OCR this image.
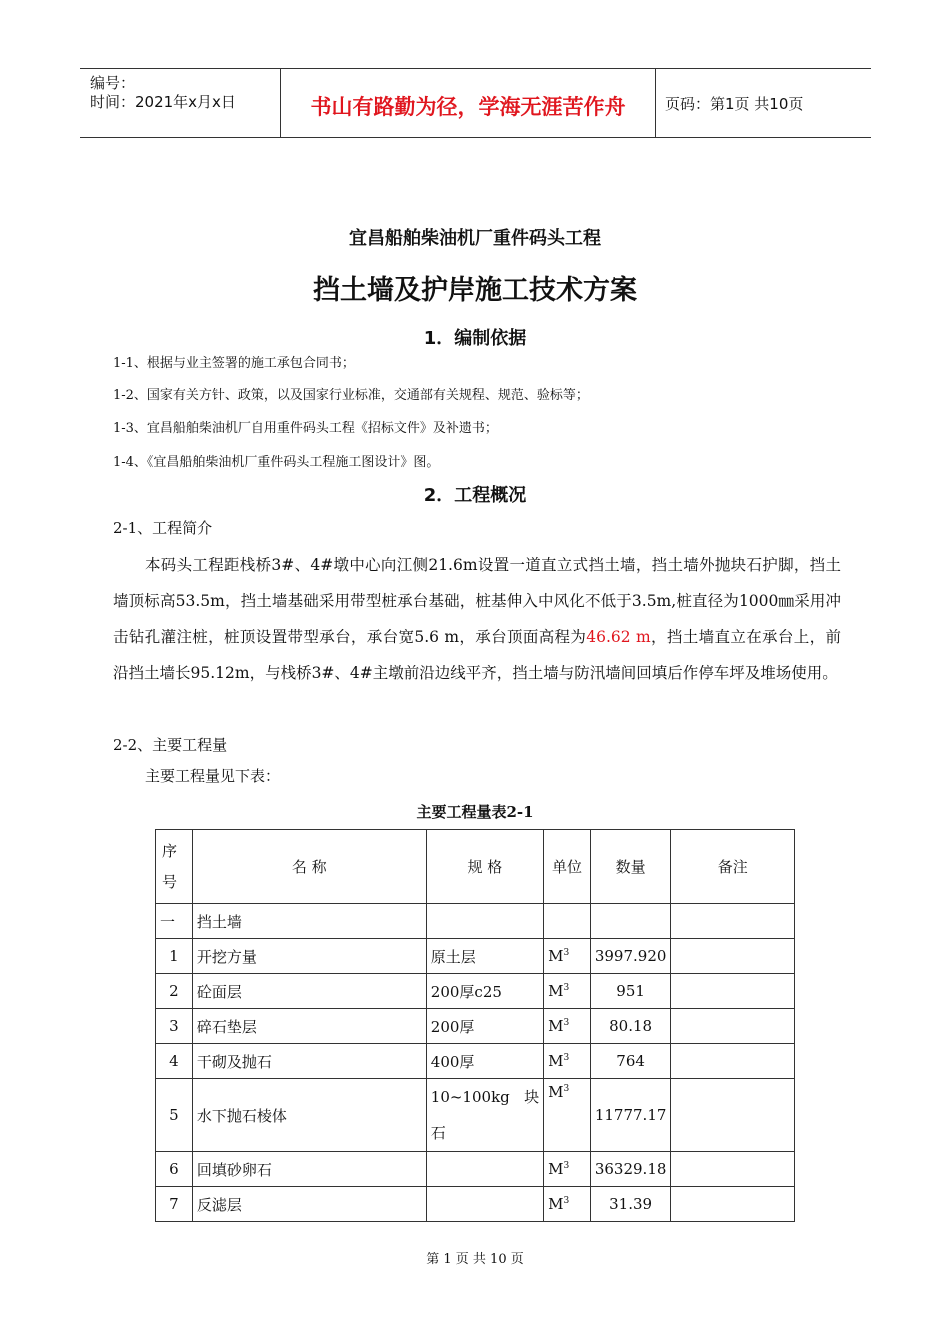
编号：
时间：2021年x月x日	书山有路勤为径，学海无涯苦作舟	页码：第1页 共10页
宜昌船舶柴油机厂重件码头工程
挡土墙及护岸施工技术方案
1．编制依据
1-1、根据与业主签署的施工承包合同书；
1-2、国家有关方针、政策，以及国家行业标准，交通部有关规程、规范、验标等；
1-3、宜昌船舶柴油机厂自用重件码头工程《招标文件》及补遗书；
1-4、《宜昌船舶柴油机厂重件码头工程施工图设计》图。
2．工程概况
2-1、工程简介
本码头工程距栈桥3#、4#墩中心向江侧21.6m设置一道直立式挡土墙，挡土墙外抛块石护脚，挡土墙顶标高53.5m，挡土墙基础采用带型桩承台基础，桩基伸入中风化不低于3.5m,桩直径为1000㎜采用冲击钻孔灌注桩，桩顶设置带型承台，承台宽5.6 m，承台顶面高程为46.62 m，挡土墙直立在承台上，前沿挡土墙长95.12m，与栈桥3#、4#主墩前沿边线平齐，挡土墙与防汛墙间回填后作停车坪及堆场使用。
2-2、主要工程量
主要工程量见下表：
主要工程量表2-1
序号	名 称	规 格	单位	数量	备注
一	挡土墙				
1	开挖方量	原土层	$M^3$	3997.920	
2	砼面层	200厚c25	$M^3$	951	
3	碎石垫层	200厚	$M^3$	80.18	
4	干砌及抛石	400厚	$M^3$	764	
5	水下抛石棱体	10~100kg   块
石	$M^3$	11777.17	
6	回填砂卵石		$M^3$	36329.18	
7	反滤层		$M^3$	31.39	
第 1 页 共 10 页
